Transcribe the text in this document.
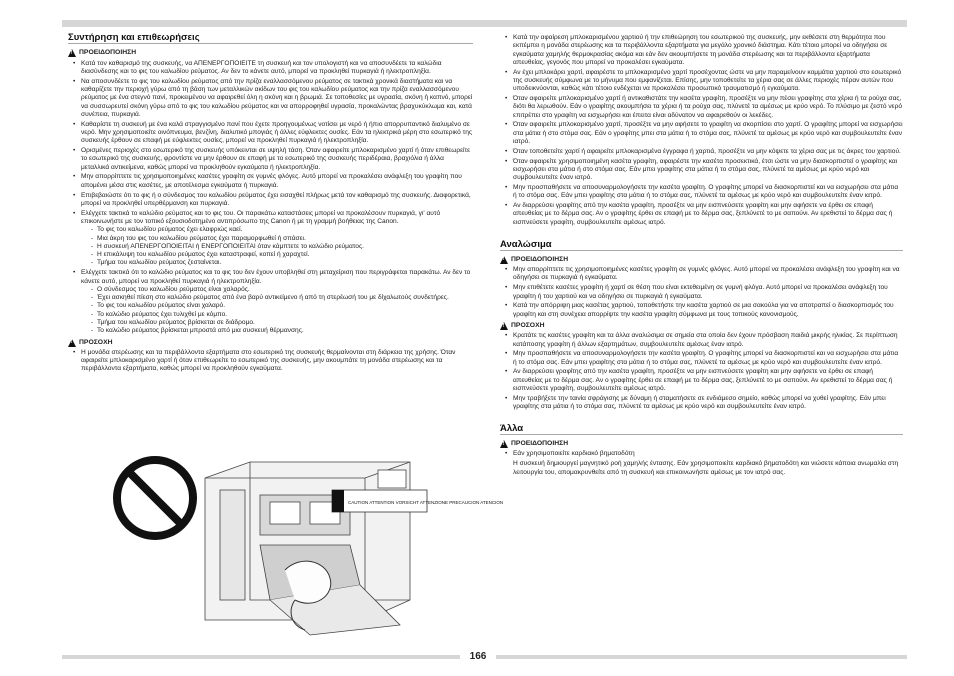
Συντήρηση και επιθεωρήσεις
!
ΠΡΟΕΙΔΟΠΟΙΗΣΗ
• Κατά τον καθαρισμό της συσκευής, να ΑΠΕΝΕΡΓΟΠΟΙΕΙΤΕ τη συσκευή και τον υπολογιστή και να αποσυνδέετε τα καλώδια διασύνδεσης και το φις του καλωδίου ρεύματος. Αν δεν το κάνετε αυτό, μπορεί να προκληθεί πυρκαγιά ή ηλεκτροπληξία.
• Να αποσυνδέετε το φις του καλωδίου ρεύματος από την πρίζα εναλλασσόμενου ρεύματος σε τακτικά χρονικά διαστήματα και να καθαρίζετε την περιοχή γύρω από τη βάση των μεταλλικών ακίδων του φις του καλωδίου ρεύματος και την πρίζα εναλλασσόμενου ρεύματος με ένα στεγνό πανί, προκειμένου να αφαιρεθεί όλη η σκόνη και η βρωμιά. Σε τοποθεσίες με υγρασία, σκόνη ή καπνό, μπορεί να συσσωρευτεί σκόνη γύρω από το φις του καλωδίου ρεύματος και να απορροφηθεί υγρασία, προκαλώντας βραχυκύκλωμα και, κατά συνέπεια, πυρκαγιά.
• Καθαρίστε τη συσκευή με ένα καλά στραγγισμένο πανί που έχετε προηγουμένως νοτίσει με νερό ή ήπιο απορρυπαντικό διαλυμένο σε νερό. Μην χρησιμοποιείτε οινόπνευμα, βενζίνη, διαλυτικό μπογιάς ή άλλες εύφλεκτες ουσίες. Εάν τα ηλεκτρικά μέρη στο εσωτερικό της συσκευής έρθουν σε επαφή με εύφλεκτες ουσίες, μπορεί να προκληθεί πυρκαγιά ή ηλεκτροπληξία.
• Ορισμένες περιοχές στο εσωτερικό της συσκευής υπόκεινται σε υψηλή τάση. Όταν αφαιρείτε μπλοκαρισμένο χαρτί ή όταν επιθεωρείτε το εσωτερικό της συσκευής, φροντίστε να μην έρθουν σε επαφή με το εσωτερικό της συσκευής περιδέραια, βραχιόλια ή άλλα μεταλλικά αντικείμενα, καθώς μπορεί να προκληθούν εγκαύματα ή ηλεκτροπληξία.
• Μην απορρίπτετε τις χρησιμοποιημένες κασέτες γραφίτη σε γυμνές φλόγες. Αυτό μπορεί να προκαλέσει ανάφλεξη του γραφίτη που απομένει μέσα στις κασέτες, με αποτέλεσμα εγκαύματα ή πυρκαγιά.
• Επιβεβαιώστε ότι το φις ή ο σύνδεσμος του καλωδίου ρεύματος έχει εισαχθεί πλήρως μετά τον καθαρισμό της συσκευής. Διαφορετικά, μπορεί να προκληθεί υπερθέρμανση και πυρκαγιά.
• Ελέγχετε τακτικά το καλώδιο ρεύματος και το φις του. Οι παρακάτω καταστάσεις μπορεί να προκαλέσουν πυρκαγιά, γι' αυτό επικοινωνήστε με τον τοπικό εξουσιοδοτημένο αντιπρόσωπο της Canon ή με τη γραμμή βοήθειας της Canon.
- Το φις του καλωδίου ρεύματος έχει ελαφριώς καεί.
- Μια άκρη του φις του καλωδίου ρεύματος έχει παραμορφωθεί ή σπάσει.
- Η συσκευή ΑΠΕΝΕΡΓΟΠΟΙΕΙΤΑΙ ή ΕΝΕΡΓΟΠΟΙΕΙΤΑΙ όταν κάμπτετε το καλώδιο ρεύματος.
- Η επικάλυψη του καλωδίου ρεύματος έχει καταστραφεί, κοπεί ή χαραχτεί.
- Τμήμα του καλωδίου ρεύματος ζεσταίνεται.
• Ελέγχετε τακτικά ότι το καλώδιο ρεύματος και το φις του δεν έχουν υποβληθεί στη μεταχείριση που περιγράφεται παρακάτω. Αν δεν το κάνετε αυτό, μπορεί να προκληθεί πυρκαγιά ή ηλεκτροπληξία.
- Ο σύνδεσμος του καλωδίου ρεύματος είναι χαλαρός.
- Έχει ασκηθεί πίεση στο καλώδιο ρεύματος από ένα βαρύ αντικείμενο ή από τη στερέωσή του με δίχαλωτούς συνδετήρες.
- Το φις του καλωδίου ρεύματος είναι χαλαρό.
- Το καλώδιο ρεύματος έχει τυλιχθεί με κόμπο.
- Τμήμα του καλωδίου ρεύματος βρίσκεται σε διάδρομο.
- Το καλώδιο ρεύματος βρίσκεται μπροστά από μια συσκευή θέρμανσης.
!
ΠΡΟΣΟΧΗ
• Η μονάδα στερέωσης και τα περιβάλλοντα εξαρτήματα στο εσωτερικό της συσκευής θερμαίνονται στη διάρκεια της χρήσης. Όταν αφαιρείτε μπλοκαρισμένο χαρτί ή όταν επιθεωρείτε το εσωτερικό της συσκευής, μην ακουμπάτε τη μονάδα στερέωσης και τα περιβάλλοντα εξαρτήματα, καθώς μπορεί να προκληθούν εγκαύματα.
CAUTION ATTENTION VORSICHT ATTENZIONE PRECAUCION ATENCION
• Κατά την αφαίρεση μπλοκαρισμένου χαρτιού ή την επιθεώρηση του εσωτερικού της συσκευής, μην εκθέσετε στη θερμότητα που εκπέμπει η μονάδα στερέωσης και τα περιβάλλοντα εξαρτήματα για μεγάλο χρονικό διάστημα. Κάτι τέτοιο μπορεί να οδηγήσει σε εγκαύματα χαμηλής θερμοκρασίας ακόμα και εάν δεν ακουμπήσετε τη μονάδα στερέωσης και τα περιβάλλοντα εξαρτήματα απευθείας, γεγονός που μπορεί να προκαλέσει εγκαύματα.
• Αν έχει μπλοκάρει χαρτί, αφαιρέστε το μπλοκαρισμένο χαρτί προσέχοντας ώστε να μην παραμείνουν κομμάτια χαρτιού στο εσωτερικό της συσκευής σύμφωνα με το μήνυμα που εμφανίζεται. Επίσης, μην τοποθετείτε τα χέρια σας σε άλλες περιοχές πέραν αυτών που υποδεικνύονται, καθώς κάτι τέτοιο ενδέχεται να προκαλέσει προσωπικό τραυματισμό ή εγκαύματα.
• Όταν αφαιρείτε μπλοκαρισμένο χαρτί ή αντικαθιστάτε την κασέτα γραφίτη, προσέξτε να μην πέσει γραφίτης στα χέρια ή τα ρούχα σας, διότι θα λερωθούν. Εάν ο γραφίτης ακουμπήσει τα χέρια ή τα ρούχα σας, πλύνετέ τα αμέσως με κρύο νερό. Το πλύσιμο με ζεστό νερό επιτρέπει στο γραφίτη να εισχωρήσει και έπειτα είναι αδύνατον να αφαιρεθούν οι λεκέδες.
• Όταν αφαιρείτε μπλοκαρισμένο χαρτί, προσέξτε να μην αφήσετε το γραφίτη να σκορπίσει στο χαρτί. Ο γραφίτης μπορεί να εισχωρήσει στα μάτια ή στο στόμα σας. Εάν ο γραφίτης μπει στα μάτια ή το στόμα σας, πλύνετέ τα αμέσως με κρύο νερό και συμβουλευτείτε έναν ιατρό.
• Όταν τοποθετείτε χαρτί ή αφαιρείτε μπλοκαρισμένα έγγραφα ή χαρτιά, προσέξτε να μην κόψετε τα χέρια σας με τις άκρες του χαρτιού.
• Όταν αφαιρείτε χρησιμοποιημένη κασέτα γραφίτη, αφαιρέστε την κασέτα προσεκτικά, έτσι ώστε να μην διασκορπιστεί ο γραφίτης και εισχωρήσει στα μάτια ή στο στόμα σας. Εάν μπει γραφίτης στα μάτια ή το στόμα σας, πλύνετέ τα αμέσως με κρύο νερό και συμβουλευτείτε έναν ιατρό.
• Μην προσπαθήσετε να αποσυναρμολογήσετε την κασέτα γραφίτη. Ο γραφίτης μπορεί να διασκορπιστεί και να εισχωρήσει στα μάτια ή το στόμα σας. Εάν μπει γραφίτης στα μάτια ή το στόμα σας, πλύνετέ τα αμέσως με κρύο νερό και συμβουλευτείτε έναν ιατρό.
• Αν διαρρεύσει γραφίτης από την κασέτα γραφίτη, προσέξτε να μην εισπνεύσετε γραφίτη και μην αφήσετε να έρθει σε επαφή απευθείας με το δέρμα σας. Αν ο γραφίτης έρθει σε επαφή με το δέρμα σας, ξεπλύνετέ το με σαπούνι. Αν ερεθιστεί το δέρμα σας ή εισπνεύσετε γραφίτη, συμβουλευτείτε αμέσως ιατρό.
Αναλώσιμα
!
ΠΡΟΕΙΔΟΠΟΙΗΣΗ
• Μην απορρίπτετε τις χρησιμοποιημένες κασέτες γραφίτη σε γυμνές φλόγες. Αυτό μπορεί να προκαλέσει ανάφλεξη του γραφίτη και να οδηγήσει σε πυρκαγιά ή εγκαύματα.
• Μην επιθέτετε κασέτες γραφίτη ή χαρτί σε θέση που είναι εκτεθειμένη σε γυμνή φλόγα. Αυτό μπορεί να προκαλέσει ανάφλεξη του γραφίτη ή του χαρτιού και να οδηγήσει σε πυρκαγιά ή εγκαύματα.
• Κατά την απόρριψη μιας κασέτας χαρτιού, τοποθετήστε την κασέτα χαρτιού σε μια σακούλα για να αποτραπεί ο διασκορπισμός του γραφίτη και στη συνέχεια απορρίψτε την κασέτα γραφίτη σύμφωνα με τους τοπικούς κανονισμούς.
!
ΠΡΟΣΟΧΗ
• Κρατάτε τις κασέτες γραφίτη και τα άλλα αναλώσιμα σε σημεία στα οποία δεν έχουν πρόσβαση παιδιά μικρής ηλικίας. Σε περίπτωση κατάποσης γραφίτη ή άλλων εξαρτημάτων, συμβουλευτείτε αμέσως έναν ιατρό.
• Μην προσπαθήσετε να αποσυναρμολογήσετε την κασέτα γραφίτη. Ο γραφίτης μπορεί να διασκορπιστεί και να εισχωρήσει στα μάτια ή το στόμα σας. Εάν μπει γραφίτης στα μάτια ή το στόμα σας, πλύνετέ τα αμέσως με κρύο νερό και συμβουλευτείτε έναν ιατρό.
• Αν διαρρεύσει γραφίτης από την κασέτα γραφίτη, προσέξτε να μην εισπνεύσετε γραφίτη και μην αφήσετε να έρθει σε επαφή απευθείας με το δέρμα σας. Αν ο γραφίτης έρθει σε επαφή με το δέρμα σας, ξεπλύνετέ το με σαπούνι. Αν ερεθιστεί το δέρμα σας ή εισπνεύσετε γραφίτη, συμβουλευτείτε αμέσως ιατρό.
• Μην τραβήξετε την ταινία σφράγισης με δύναμη ή σταματήσετε σε ενδιάμεσο σημείο, καθώς μπορεί να χυθεί γραφίτης. Εάν μπει γραφίτης στα μάτια ή το στόμα σας, πλύνετέ τα αμέσως με κρύο νερό και συμβουλευτείτε έναν ιατρό.
Άλλα
!
ΠΡΟΕΙΔΟΠΟΙΗΣΗ
• Εάν χρησιμοποιείτε καρδιακό βηματοδότη
Η συσκευή δημιουργεί μαγνητικό ροή χαμηλής έντασης. Εάν χρησιμοποιείτε καρδιακό βηματοδότη και νιώσετε κάποια ανωμαλία στη λειτουργία του, απομακρυνθείτε από τη συσκευή και επικοινωνήστε αμέσως με τον ιατρό σας.
166
